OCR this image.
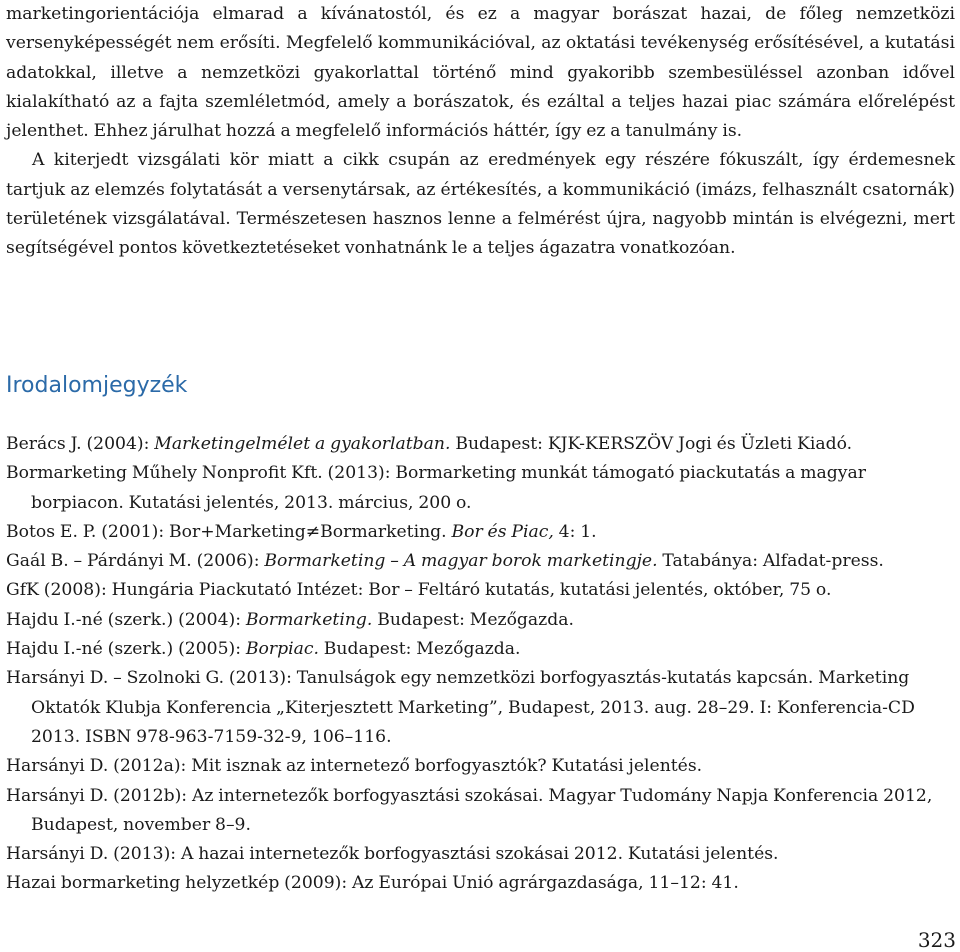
marketingorientációja elmarad a kívánatostól, és ez a magyar borászat hazai, de főleg nemzetközi versenyképességét nem erősíti. Megfelelő kommunikációval, az oktatási tevékenység erősítésével, a kutatási adatokkal, illetve a nemzetközi gyakorlattal történő mind gyakoribb szembesüléssel azonban idővel kialakítható az a fajta szemléletmód, amely a borászatok, és ezáltal a teljes hazai piac számára előrelépést jelenthet. Ehhez járulhat hozzá a megfelelő információs háttér, így ez a tanulmány is.

A kiterjedt vizsgálati kör miatt a cikk csupán az eredmények egy részére fókuszált, így érdemesnek tartjuk az elemzés folytatását a versenytársak, az értékesítés, a kommunikáció (imázs, felhasznált csatornák) területének vizsgálatával. Természetesen hasznos lenne a felmérést újra, nagyobb mintán is elvégezni, mert segítségével pontos következtetéseket vonhatnánk le a teljes ágazatra vonatkozóan.

Irodalomjegyzék

Berács J. (2004): Marketingelmélet a gyakorlatban. Budapest: KJK-KERSZÖV Jogi és Üzleti Kiadó.

Bormarketing Műhely Nonprofit Kft. (2013): Bormarketing munkát támogató piackutatás a magyar borpiacon. Kutatási jelentés, 2013. március, 200 o.

Botos E. P. (2001): Bor+Marketing≠Bormarketing. Bor és Piac, 4: 1.

Gaál B. – Párdányi M. (2006): Bormarketing – A magyar borok marketingje. Tatabánya: Alfadat-press.

GfK (2008): Hungária Piackutató Intézet: Bor – Feltáró kutatás, kutatási jelentés, október, 75 o.

Hajdu I.-né (szerk.) (2004): Bormarketing. Budapest: Mezőgazda.

Hajdu I.-né (szerk.) (2005): Borpiac. Budapest: Mezőgazda.

Harsányi D. – Szolnoki G. (2013): Tanulságok egy nemzetközi borfogyasztás-kutatás kapcsán. Marketing Oktatók Klubja Konferencia „Kiterjesztett Marketing”, Budapest, 2013. aug. 28–29. I: Konferencia-CD 2013. ISBN 978-963-7159-32-9, 106–116.

Harsányi D. (2012a): Mit isznak az internetező borfogyasztók? Kutatási jelentés.

Harsányi D. (2012b): Az internetezők borfogyasztási szokásai. Magyar Tudomány Napja Konferencia 2012, Budapest, november 8–9.

Harsányi D. (2013): A hazai internetezők borfogyasztási szokásai 2012. Kutatási jelentés.

Hazai bormarketing helyzetkép (2009): Az Európai Unió agrárgazdasága, 11–12: 41.

323
